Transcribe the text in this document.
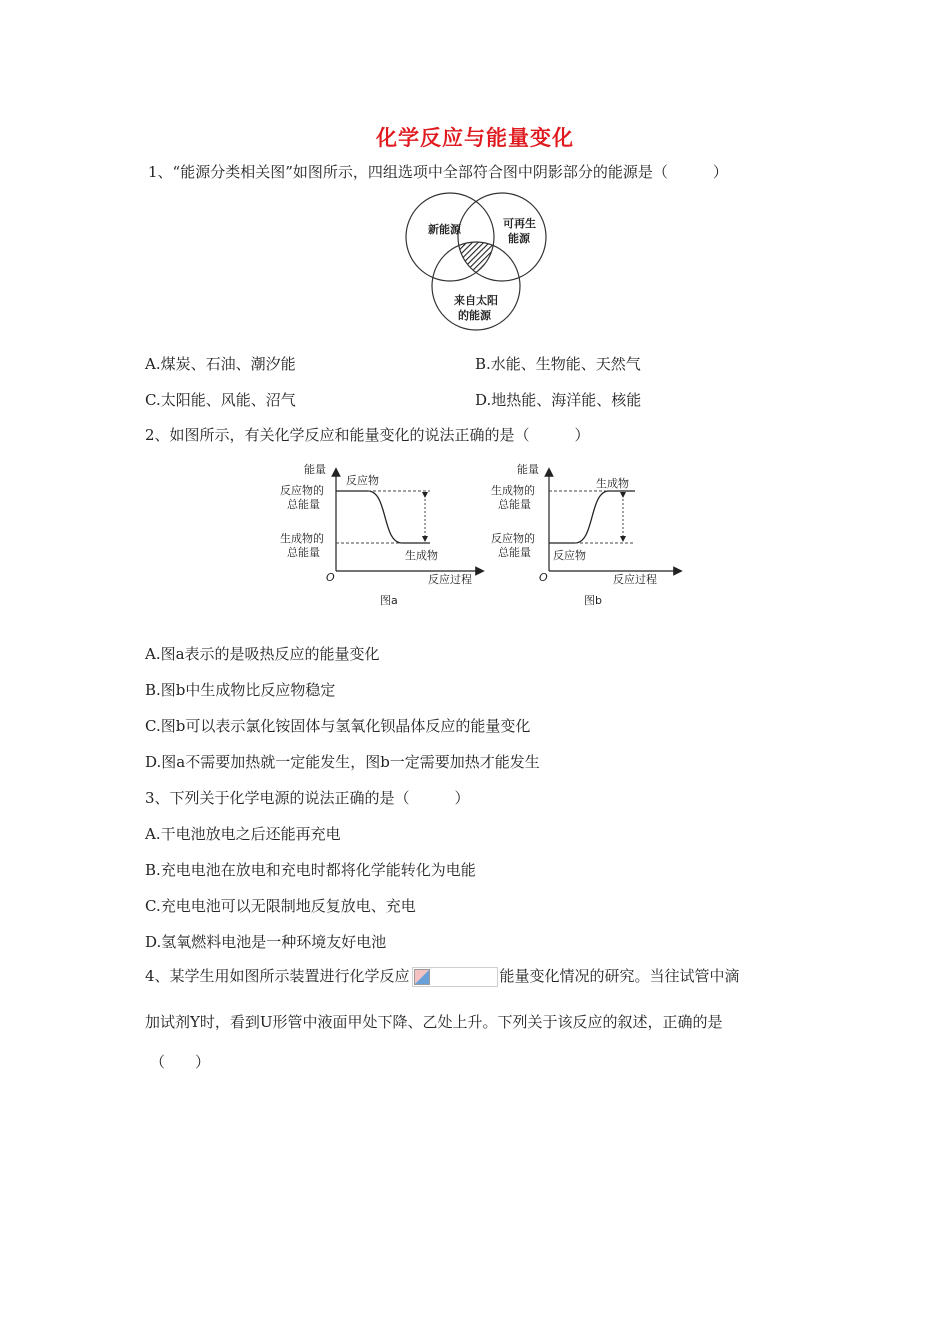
化学反应与能量变化
1、“能源分类相关图”如图所示，四组选项中全部符合图中阴影部分的能源是（　　　）
新能源	可再生
能源
来自太阳
的能源
A.煤炭、石油、潮汐能	B.水能、生物能、天然气
C.太阳能、风能、沼气	D.地热能、海洋能、核能
2、如图所示，有关化学反应和能量变化的说法正确的是（　　　）
能量
反应物的
总能量
生成物的
总能量
反应物
生成物
O	反应过程
图a
能量
生成物的
总能量
反应物的
总能量 反应物
生成物
O	反应过程
图b
A.图a表示的是吸热反应的能量变化
B.图b中生成物比反应物稳定
C.图b可以表示氯化铵固体与氢氧化钡晶体反应的能量变化
D.图a不需要加热就一定能发生，图b一定需要加热才能发生
3、下列关于化学电源的说法正确的是（　　　）
A.干电池放电之后还能再充电
B.充电电池在放电和充电时都将化学能转化为电能
C.充电电池可以无限制地反复放电、充电
D.氢氧燃料电池是一种环境友好电池
4、某学生用如图所示装置进行化学反应	能量变化情况的研究。当往试管中滴
加试剂Y时，看到U形管中液面甲处下降、乙处上升。下列关于该反应的叙述，正确的是
（　　）
